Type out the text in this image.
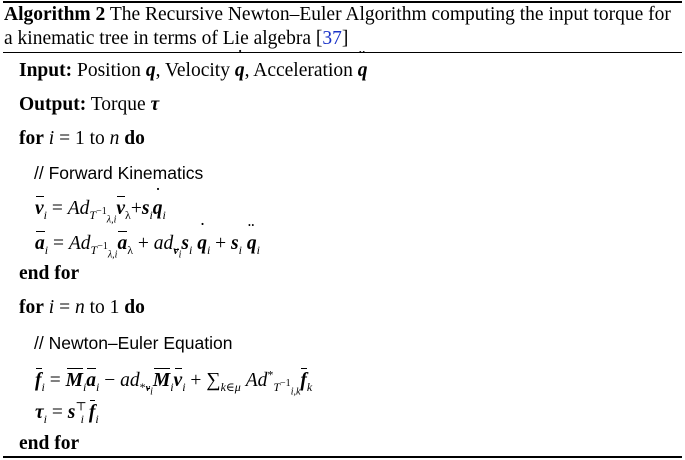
Algorithm 2 The Recursive Newton–Euler Algorithm computing the input torque for a kinematic tree in terms of Lie algebra [37]
Input: Position q, Velocity q ˙, Acceleration q ¨
Output: Torque τ
for i = 1 to n do
// Forward Kinematics
$v_i = Ad_{T^{-1}_{\lambda,i}}v_\lambda+s_iq$ $˙_i$
$a_i = Ad_{T^{-1}_{\lambda,i}}a_\lambda + ad_{v_i}s_i$ q $˙_i + s_i$ q $¨_i$
end for
for i = n to 1 do
// Newton–Euler Equation
$f_i = M_ia_i - ad_{*v_i}M_iv_i + \sum_{k\in\mu}$ $Ad^*_{T^{-1}_{i,k}}f_k$
$\tau_i = s^⊤_i$ $f_i$
end for
